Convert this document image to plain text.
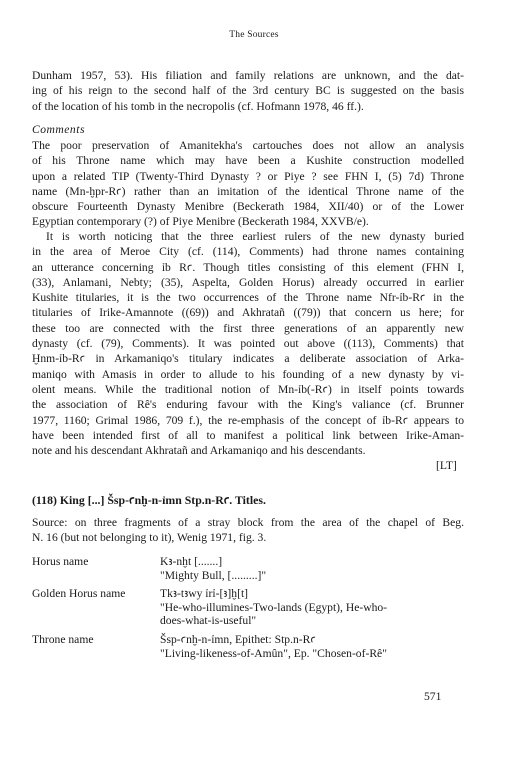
The Sources
Dunham 1957, 53). His filiation and family relations are unknown, and the dat-
ing of his reign to the second half of the 3rd century BC is suggested on the basis
of the location of his tomb in the necropolis (cf. Hofmann 1978, 46 ff.).
Comments
The poor preservation of Amanitekha's cartouches does not allow an analysis
of his Throne name which may have been a Kushite construction modelled
upon a related TIP (Twenty-Third Dynasty ? or Piye ? see FHN I, (5) 7d) Throne
name (Mn-ḫpr-Rꜥ) rather than an imitation of the identical Throne name of the
obscure Fourteenth Dynasty Menibre (Beckerath 1984, XII/40) or of the Lower
Egyptian contemporary (?) of Piye Menibre (Beckerath 1984, XXVB/e).
It is worth noticing that the three earliest rulers of the new dynasty buried
in the area of Meroe City (cf. (114), Comments) had throne names containing
an utterance concerning ỉb Rꜥ. Though titles consisting of this element (FHN I,
(33), Anlamani, Nebty; (35), Aspelta, Golden Horus) already occurred in earlier
Kushite titularies, it is the two occurrences of the Throne name Nfr-ỉb-Rꜥ in the
titularies of Irike-Amannote ((69)) and Akhratañ ((79)) that concern us here; for
these too are connected with the first three generations of an apparently new
dynasty (cf. (79), Comments). It was pointed out above ((113), Comments) that
Ḫnm-ỉb-Rꜥ in Arkamaniqo's titulary indicates a deliberate association of Arka-
maniqo with Amasis in order to allude to his founding of a new dynasty by vi-
olent means. While the traditional notion of Mn-ỉb(-Rꜥ) in itself points towards
the association of Rê's enduring favour with the King's valiance (cf. Brunner
1977, 1160; Grimal 1986, 709 f.), the re-emphasis of the concept of ỉb-Rꜥ appears to
have been intended first of all to manifest a political link between Irike-Aman-
note and his descendant Akhratañ and Arkamaniqo and his descendants.
[LT]
(118) King [...] Šsp-ꜥnḫ-n-ỉmn Stp.n-Rꜥ. Titles.
Source: on three fragments of a stray block from the area of the chapel of Beg.
N. 16 (but not belonging to it), Wenig 1971, fig. 3.
Horus name	Kꜣ-nḫt [.......]
"Mighty Bull, [.........]"
Golden Horus name	Tkꜣ-tꜣwy ỉrỉ-[ꜣ]ḫ[t]
"He-who-illumines-Two-lands (Egypt), He-who-
does-what-is-useful"
Throne name	Šsp-ꜥnḫ-n-ỉmn, Epithet: Stp.n-Rꜥ
"Living-likeness-of-Amûn", Ep. "Chosen-of-Rê"
571
